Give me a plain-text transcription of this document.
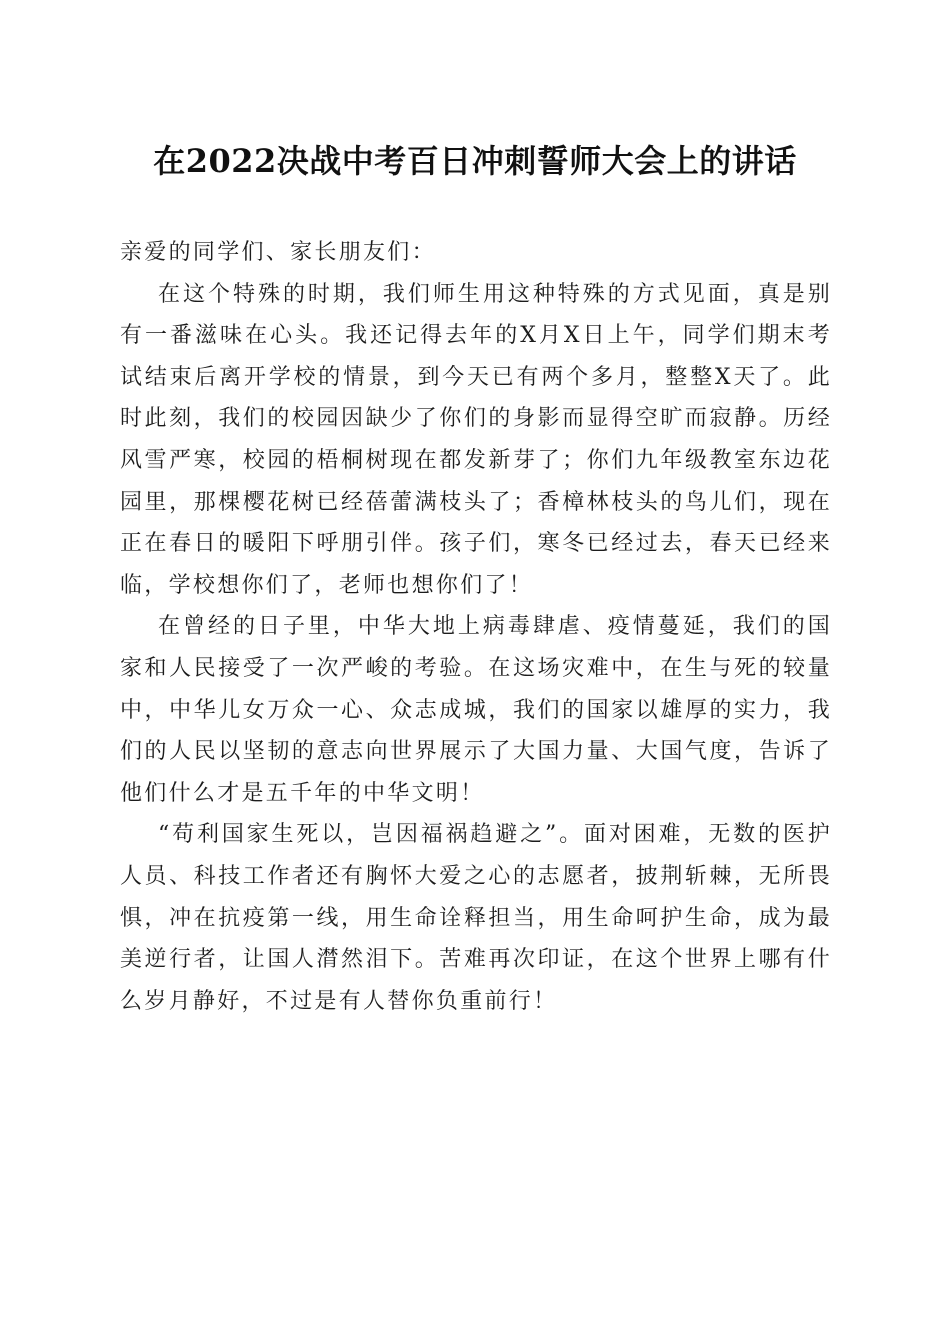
在2022决战中考百日冲刺誓师大会上的讲话

亲爱的同学们、家长朋友们：

在这个特殊的时期，我们师生用这种特殊的方式见面，真是别有一番滋味在心头。我还记得去年的X月X日上午，同学们期末考试结束后离开学校的情景，到今天已有两个多月，整整X天了。此时此刻，我们的校园因缺少了你们的身影而显得空旷而寂静。历经风雪严寒，校园的梧桐树现在都发新芽了；你们九年级教室东边花园里，那棵樱花树已经蓓蕾满枝头了；香樟林枝头的鸟儿们，现在正在春日的暖阳下呼朋引伴。孩子们，寒冬已经过去，春天已经来临，学校想你们了，老师也想你们了！

在曾经的日子里，中华大地上病毒肆虐、疫情蔓延，我们的国家和人民接受了一次严峻的考验。在这场灾难中，在生与死的较量中，中华儿女万众一心、众志成城，我们的国家以雄厚的实力，我们的人民以坚韧的意志向世界展示了大国力量、大国气度，告诉了他们什么才是五千年的中华文明！

“苟利国家生死以，岂因福祸趋避之”。面对困难，无数的医护人员、科技工作者还有胸怀大爱之心的志愿者，披荆斩棘，无所畏惧，冲在抗疫第一线，用生命诠释担当，用生命呵护生命，成为最美逆行者，让国人潸然泪下。苦难再次印证，在这个世界上哪有什么岁月静好，不过是有人替你负重前行！
